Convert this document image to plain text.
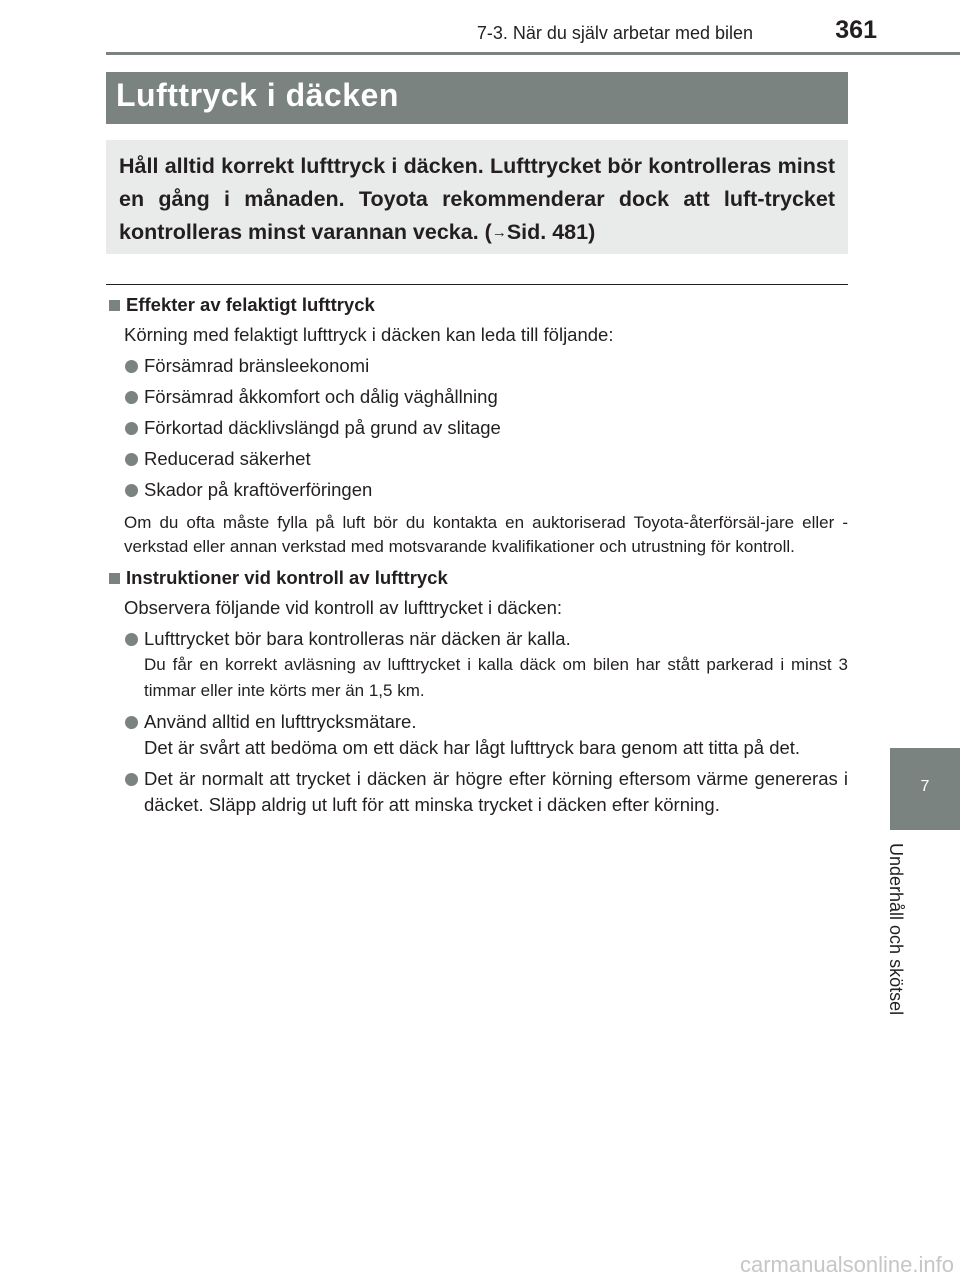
7-3. När du själv arbetar med bilen	361
Lufttryck i däcken
Håll alltid korrekt lufttryck i däcken. Lufttrycket bör kontrolleras minst en gång i månaden. Toyota rekommenderar dock att luft-trycket kontrolleras minst varannan vecka. (→Sid. 481)
Effekter av felaktigt lufttryck
Körning med felaktigt lufttryck i däcken kan leda till följande:
Försämrad bränsleekonomi
Försämrad åkkomfort och dålig väghållning
Förkortad däcklivslängd på grund av slitage
Reducerad säkerhet
Skador på kraftöverföringen
Om du ofta måste fylla på luft bör du kontakta en auktoriserad Toyota-återförsäl-jare eller -verkstad eller annan verkstad med motsvarande kvalifikationer och utrustning för kontroll.
Instruktioner vid kontroll av lufttryck
Observera följande vid kontroll av lufttrycket i däcken:
Lufttrycket bör bara kontrolleras när däcken är kalla.
Du får en korrekt avläsning av lufttrycket i kalla däck om bilen har stått parkerad i minst 3 timmar eller inte körts mer än 1,5 km.
Använd alltid en lufttrycksmätare.
Det är svårt att bedöma om ett däck har lågt lufttryck bara genom att titta på det.
Det är normalt att trycket i däcken är högre efter körning eftersom värme genereras i däcket. Släpp aldrig ut luft för att minska trycket i däcken efter körning.
7
Underhåll och skötsel
carmanualsonline.info
